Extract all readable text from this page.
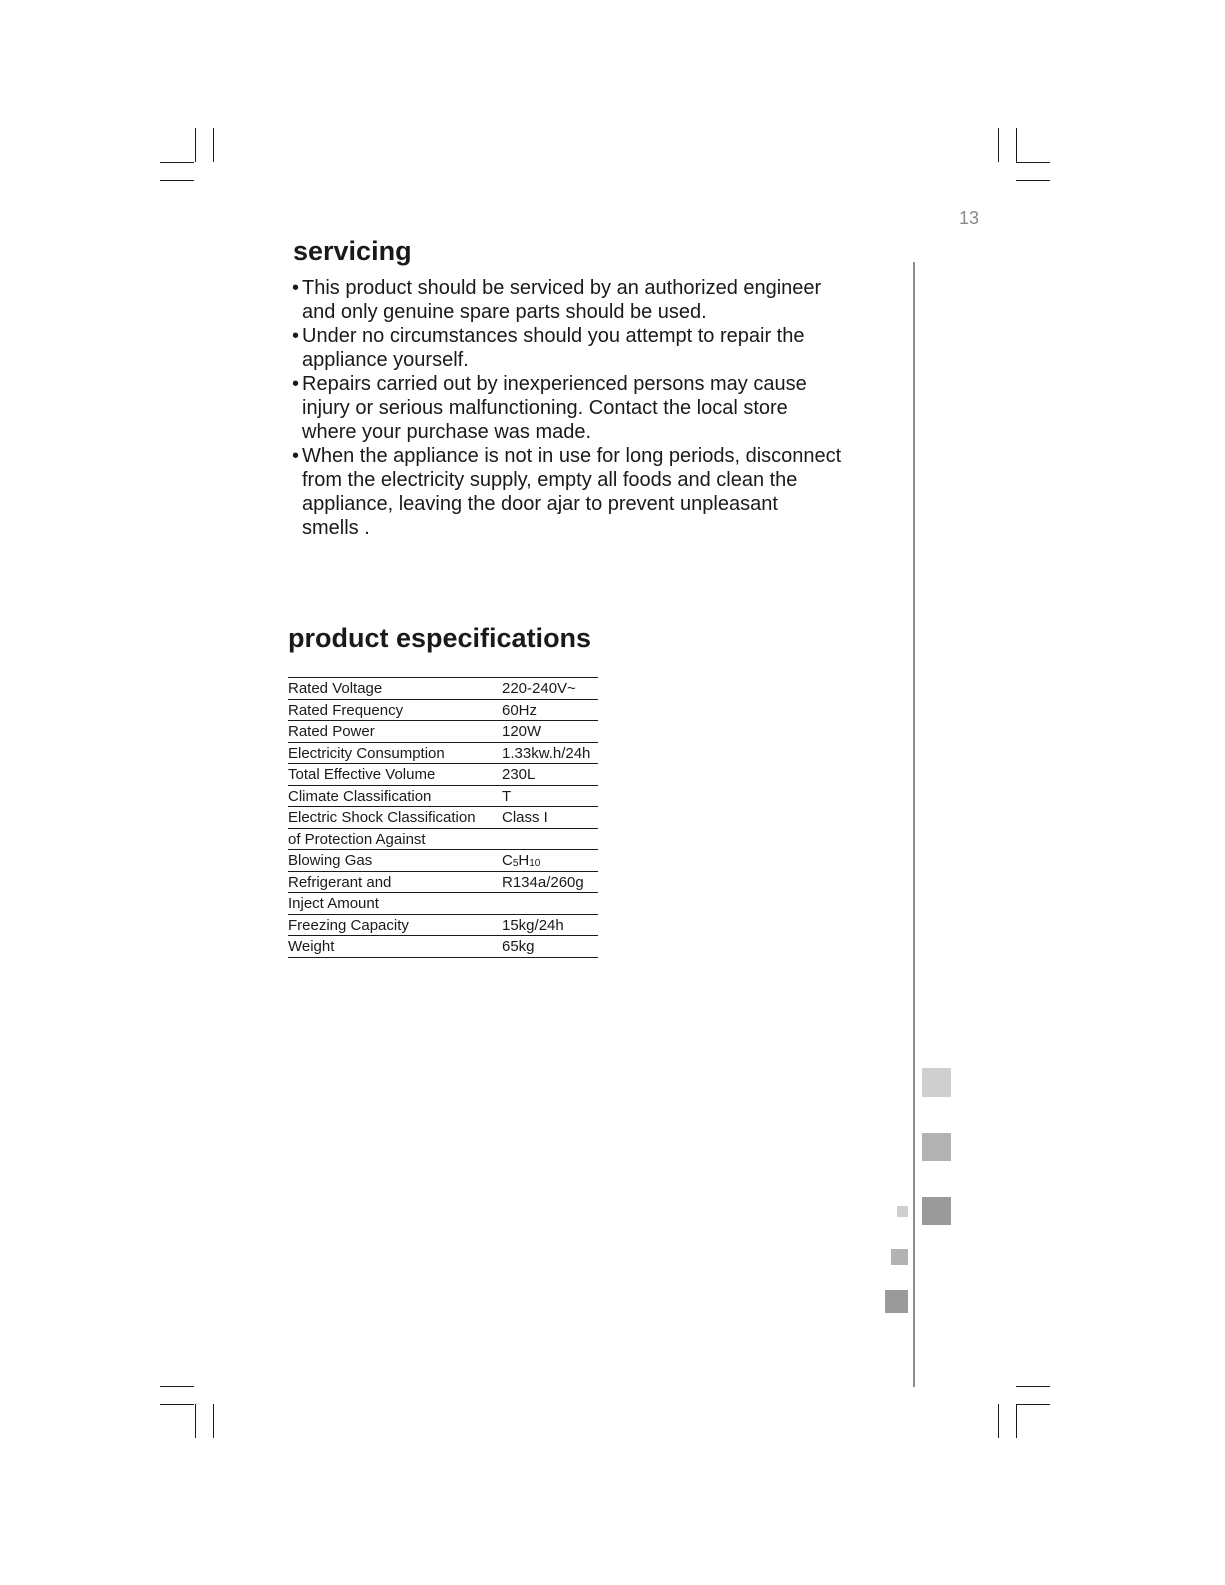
13
servicing
• This product should be serviced by an authorized engineer
and only genuine spare parts should be used.
• Under no circumstances should you attempt to repair the
appliance yourself.
• Repairs carried out by inexperienced persons may cause
injury or serious malfunctioning. Contact the local store
where your purchase was made.
• When the appliance is not in use for long periods, disconnect
from the electricity supply, empty all foods and clean the
appliance, leaving the door ajar to prevent unpleasant
smells .
product especifications
Rated Voltage	220-240V~
Rated Frequency	60Hz
Rated Power	120W
Electricity Consumption	1.33kw.h/24h
Total Effective Volume	230L
Climate Classification	T
Electric Shock Classification	Class I
of Protection Against
Blowing Gas	$C_5H_{10}$
Refrigerant and	R134a/260g
Inject Amount
Freezing Capacity	15kg/24h
Weight	65kg
